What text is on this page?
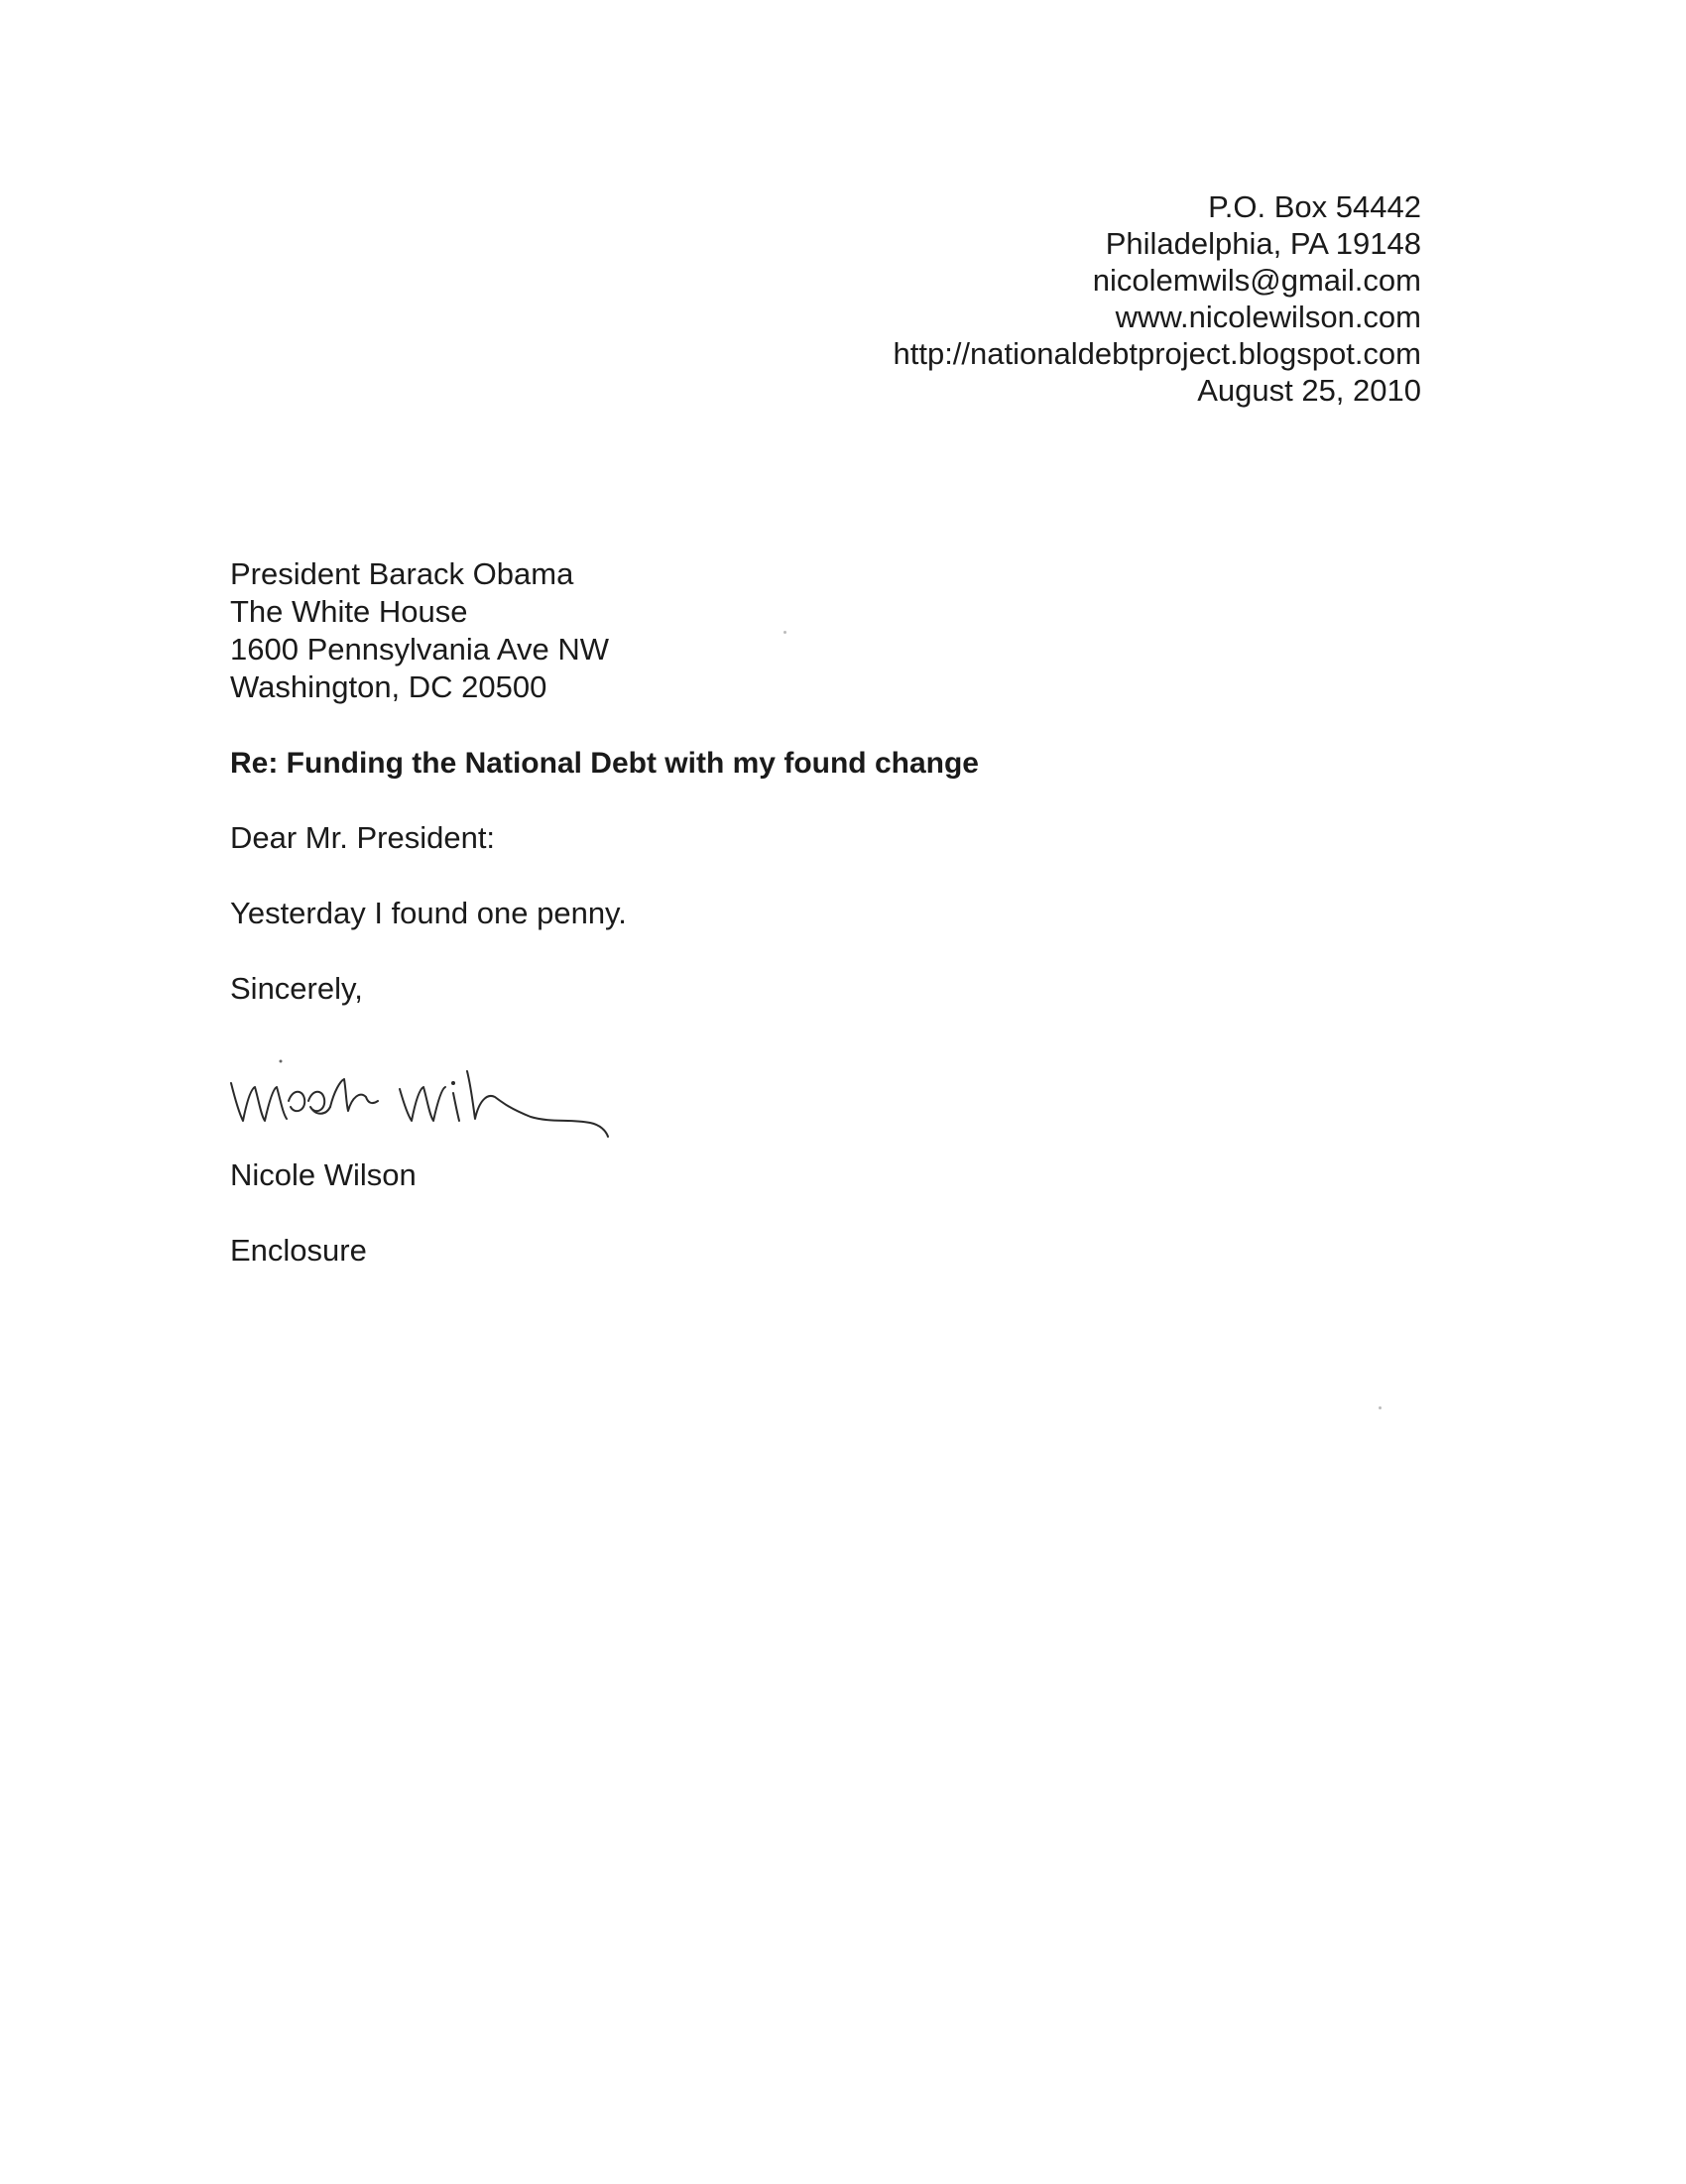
P.O. Box 54442
Philadelphia, PA 19148
nicolemwils@gmail.com
www.nicolewilson.com
http://nationaldebtproject.blogspot.com
August 25, 2010
President Barack Obama
The White House
1600 Pennsylvania Ave NW
Washington, DC 20500
Re: Funding the National Debt with my found change
Dear Mr. President:
Yesterday I found one penny.
Sincerely,
Nicole Wilson
Enclosure
